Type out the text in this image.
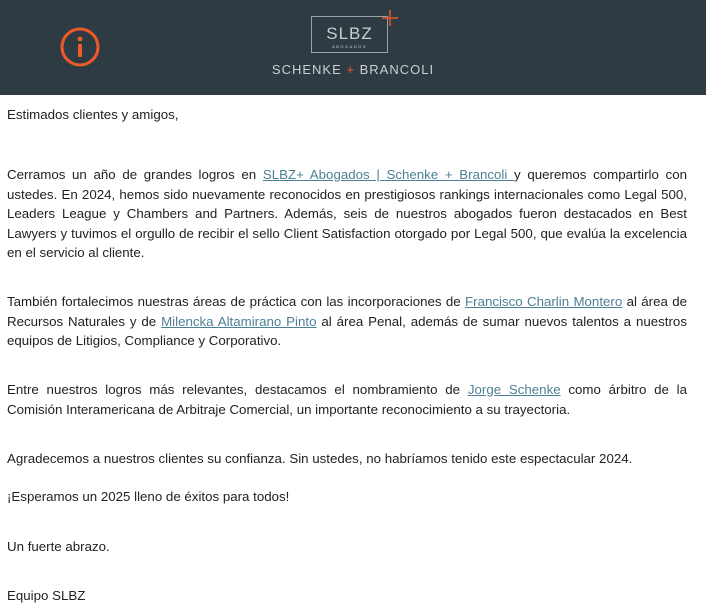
SLBZ
ABOGADOS
SCHENKE + BRANCOLI

Estimados clientes y amigos,

Cerramos un año de grandes logros en SLBZ+ Abogados | Schenke + Brancoli y queremos compartirlo con ustedes. En 2024, hemos sido nuevamente reconocidos en prestigiosos rankings internacionales como Legal 500, Leaders League y Chambers and Partners. Además, seis de nuestros abogados fueron destacados en Best Lawyers y tuvimos el orgullo de recibir el sello Client Satisfaction otorgado por Legal 500, que evalúa la excelencia en el servicio al cliente.

También fortalecimos nuestras áreas de práctica con las incorporaciones de Francisco Charlin Montero al área de Recursos Naturales y de Milencka Altamirano Pinto al área Penal, además de sumar nuevos talentos a nuestros equipos de Litigios, Compliance y Corporativo.

Entre nuestros logros más relevantes, destacamos el nombramiento de Jorge Schenke como árbitro de la Comisión Interamericana de Arbitraje Comercial, un importante reconocimiento a su trayectoria.

Agradecemos a nuestros clientes su confianza. Sin ustedes, no habríamos tenido este espectacular 2024.

¡Esperamos un 2025 lleno de éxitos para todos!

Un fuerte abrazo.

Equipo SLBZ
